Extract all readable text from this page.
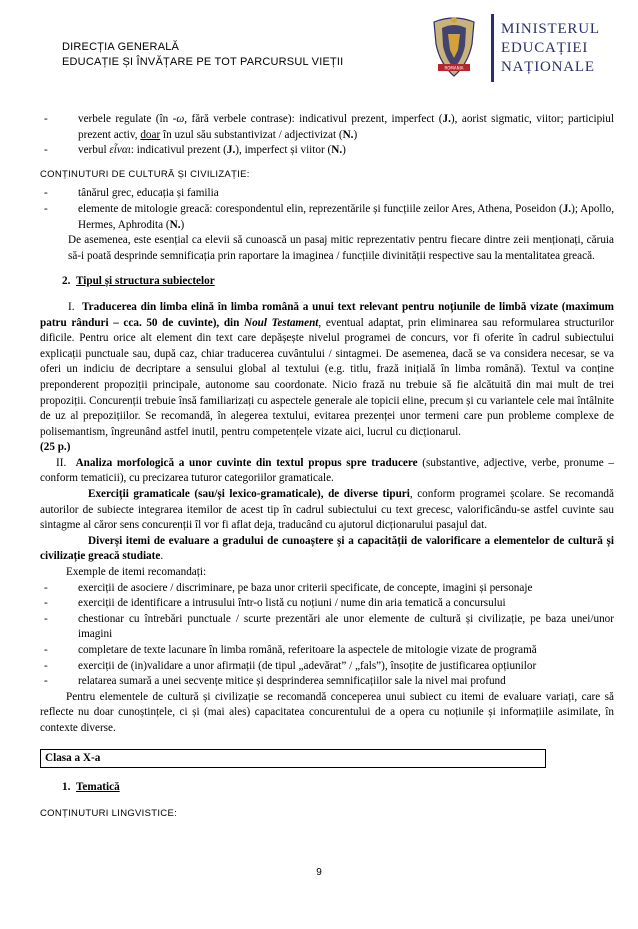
DIRECȚIA GENERALĂ
EDUCAȚIE ȘI ÎNVĂȚARE PE TOT PARCURSUL VIEȚII	ROMANIA
MINISTERUL
EDUCAȚIEI
NAȚIONALE

- verbele regulate (în -ω, fără verbele contrase): indicativul prezent, imperfect (J.), aorist sigmatic, viitor; participiul prezent activ, doar în uzul său substantivizat / adjectivizat (N.)

- verbul εἶναι: indicativul prezent (J.), imperfect și viitor (N.)

CONȚINUTURI DE CULTURĂ ȘI CIVILIZAȚIE:

- tânărul grec, educația și familia

- elemente de mitologie greacă: corespondentul elin, reprezentările și funcțiile zeilor Ares, Athena, Poseidon (J.); Apollo, Hermes, Aphrodita (N.)

De asemenea, este esențial ca elevii să cunoască un pasaj mitic reprezentativ pentru fiecare dintre zeii menționați, căruia să-i poată desprinde semnificația prin raportare la imaginea / funcțiile divinității respective sau la mentalitatea greacă.

2. Tipul și structura subiectelor

I. Traducerea din limba elină în limba română a unui text relevant pentru noțiunile de limbă vizate (maximum patru rânduri – cca. 50 de cuvinte), din Noul Testament, eventual adaptat, prin eliminarea sau reformularea structurilor dificile. Pentru orice alt element din text care depășește nivelul programei de concurs, vor fi oferite în cadrul subiectului explicații punctuale sau, după caz, chiar traducerea cuvântului / sintagmei. De asemenea, dacă se va considera necesar, se va oferi un indiciu de decriptare a sensului global al textului (e.g. titlu, frază inițială în limba română). Textul va conține preponderent propoziții principale, autonome sau coordonate. Nicio frază nu trebuie să fie alcătuită din mai mult de trei propoziții. Concurenții trebuie însă familiarizați cu aspectele generale ale topicii eline, precum și cu variantele cele mai întâlnite de uz al prepozițiilor. Se recomandă, în alegerea textului, evitarea prezenței unor termeni care pun probleme complexe de polisemantism, îngreunând astfel inutil, pentru competențele vizate aici, lucrul cu dicționarul. (25 p.)

II. Analiza morfologică a unor cuvinte din textul propus spre traducere (substantive, adjective, verbe, pronume – conform tematicii), cu precizarea tuturor categoriilor gramaticale.

Exerciții gramaticale (sau/și lexico-gramaticale), de diverse tipuri, conform programei școlare. Se recomandă autorilor de subiecte integrarea itemilor de acest tip în cadrul subiectului cu text grecesc, valorificându-se astfel cuvinte sau sintagme al căror sens concurenții îl vor fi aflat deja, traducând cu ajutorul dicționarului pasajul dat.

Diverși itemi de evaluare a gradului de cunoaștere și a capacității de valorificare a elementelor de cultură și civilizație greacă studiate.

Exemple de itemi recomandați:

- exerciții de asociere / discriminare, pe baza unor criterii specificate, de concepte, imagini și personaje

- exerciții de identificare a intrusului într-o listă cu noțiuni / nume din aria tematică a concursului

- chestionar cu întrebări punctuale / scurte prezentări ale unor elemente de cultură și civilizație, pe baza unei/unor imagini

- completare de texte lacunare în limba română, referitoare la aspectele de mitologie vizate de programă

- exerciții de (in)validare a unor afirmații (de tipul „adevărat” / „fals”), însoțite de justificarea opțiunilor

- relatarea sumară a unei secvențe mitice și desprinderea semnificațiilor sale la nivel mai profund

Pentru elementele de cultură și civilizație se recomandă conceperea unui subiect cu itemi de evaluare variați, care să reflecte nu doar cunoștințele, ci și (mai ales) capacitatea concurentului de a opera cu noțiunile și informațiile asimilate, în contexte diverse.

Clasa a X-a

1. Tematică

CONȚINUTURI LINGVISTICE:

9
